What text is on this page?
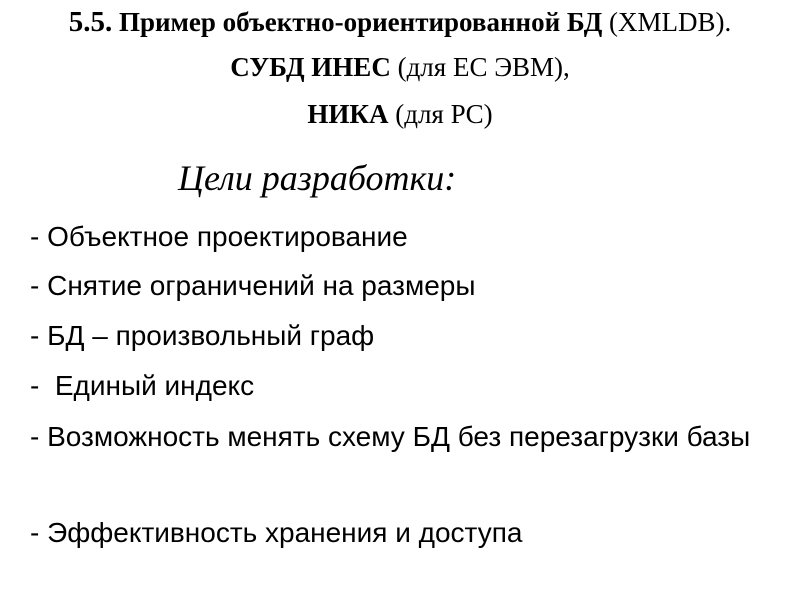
5.5. Пример объектно-ориентированной БД (XMLDB).
СУБД ИНЕС (для ЕС ЭВМ),
НИКА (для PC)
Цели разработки:
- Объектное проектирование
- Снятие ограничений на размеры
- БД – произвольный граф
-  Единый индекс
- Возможность менять схему БД без перезагрузки базы
- Эффективность хранения и доступа
